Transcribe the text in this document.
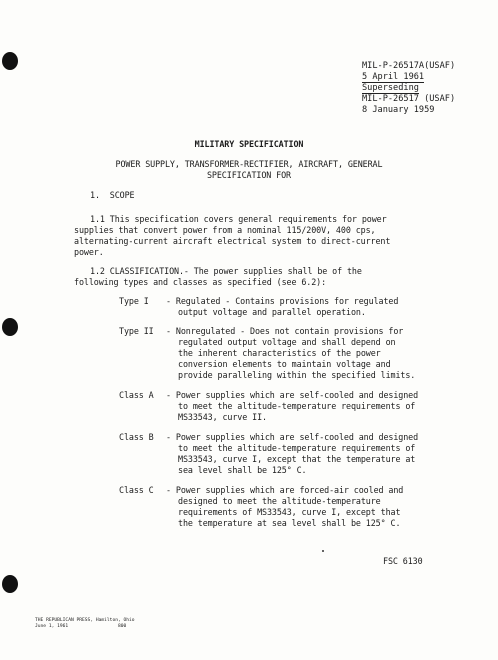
MIL-P-26517A(USAF)
5 April 1961
Superseding
MIL-P-26517 (USAF)
8 January 1959
MILITARY SPECIFICATION
POWER SUPPLY, TRANSFORMER-RECTIFIER, AIRCRAFT, GENERAL
SPECIFICATION FOR
1. SCOPE
1.1 This specification covers general requirements for power
supplies that convert power from a nominal 115/200V, 400 cps,
alternating-current aircraft electrical system to direct-current
power.
1.2 CLASSIFICATION.- The power supplies shall be of the
following types and classes as specified (see 6.2):
Type I - Regulated - Contains provisions for regulated
output voltage and parallel operation.
Type II - Nonregulated - Does not contain provisions for
regulated output voltage and shall depend on
the inherent characteristics of the power
conversion elements to maintain voltage and
provide paralleling within the specified limits.
Class A - Power supplies which are self-cooled and designed
to meet the altitude-temperature requirements of
MS33543, curve II.
Class B - Power supplies which are self-cooled and designed
to meet the altitude-temperature requirements of
MS33543, curve I, except that the temperature at
sea level shall be 125° C.
Class C - Power supplies which are forced-air cooled and
designed to meet the altitude-temperature
requirements of MS33543, curve I, except that
the temperature at sea level shall be 125° C.
FSC 6130
THE REPUBLICAN PRESS, Hamilton, Ohio
June 1, 1961	800
